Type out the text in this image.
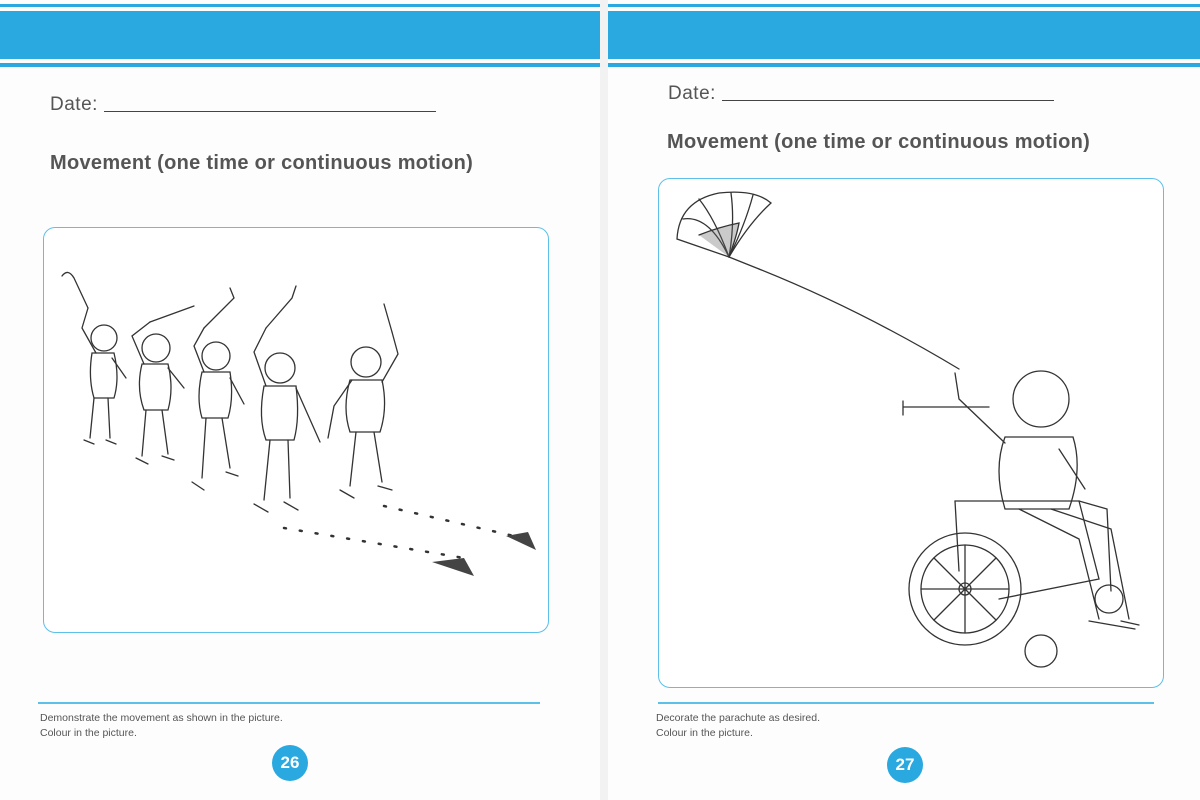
Date:
Movement (one time or continuous motion)
Demonstrate the movement as shown in the picture.
Colour in the picture.
26
Date:
Movement (one time or continuous motion)
Decorate the parachute as desired.
Colour in the picture.
27
